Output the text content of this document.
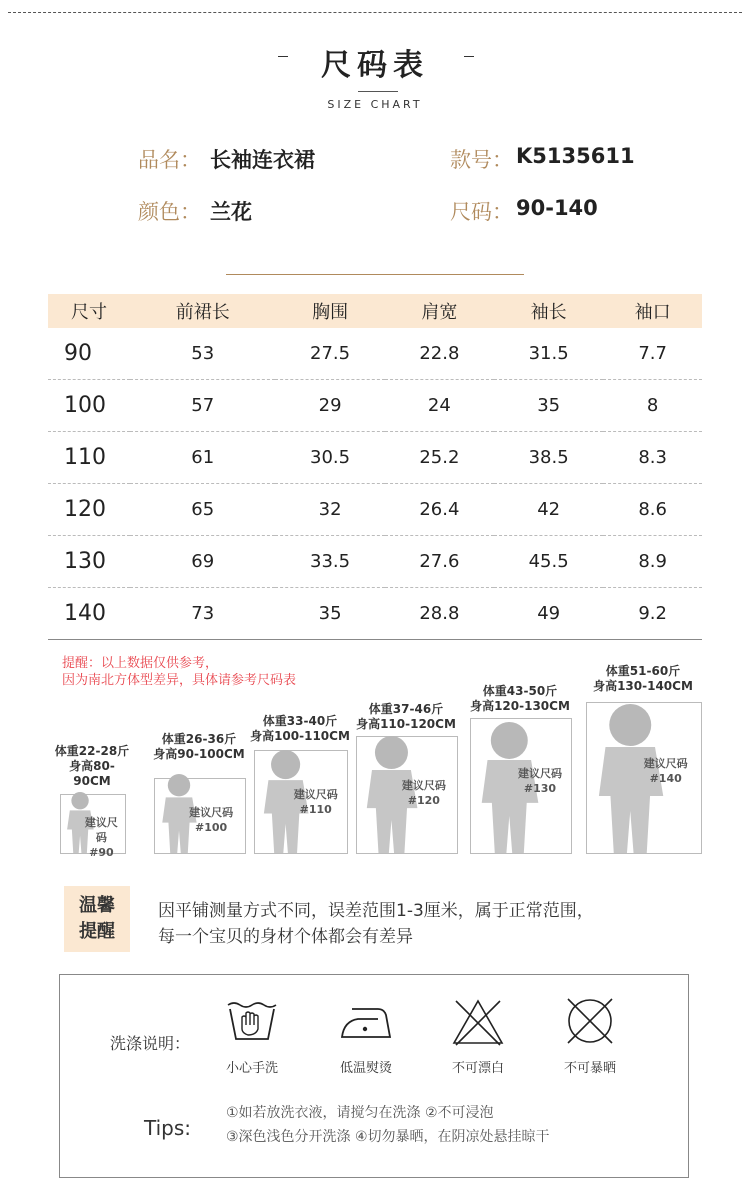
尺码表
SIZE CHART
品名： 长袖连衣裙	款号： K5135611
颜色： 兰花	尺码： 90-140
尺寸	前裙长	胸围	肩宽	袖长	袖口
90	53	27.5	22.8	31.5	7.7
100	57	29	24	35	8
110	61	30.5	25.2	38.5	8.3
120	65	32	26.4	42	8.6
130	69	33.5	27.6	45.5	8.9
140	73	35	28.8	49	9.2
提醒：以上数据仅供参考，
因为南北方体型差异，具体请参考尺码表
体重22-28斤
身高80-90CM
建议尺码
#90
体重26-36斤
身高90-100CM
建议尺码
#100
体重33-40斤
身高100-110CM
建议尺码
#110
体重37-46斤
身高110-120CM
建议尺码
#120
体重43-50斤
身高120-130CM
建议尺码
#130
体重51-60斤
身高130-140CM
建议尺码
#140
温馨
提醒
因平铺测量方式不同，误差范围1-3厘米，属于正常范围，
每一个宝贝的身材个体都会有差异
洗涤说明：
小心手洗	低温熨烫	不可漂白	不可暴晒
Tips:
①如若放洗衣液，请搅匀在洗涤 ②不可浸泡
③深色浅色分开洗涤 ④切勿暴晒，在阴凉处悬挂晾干
